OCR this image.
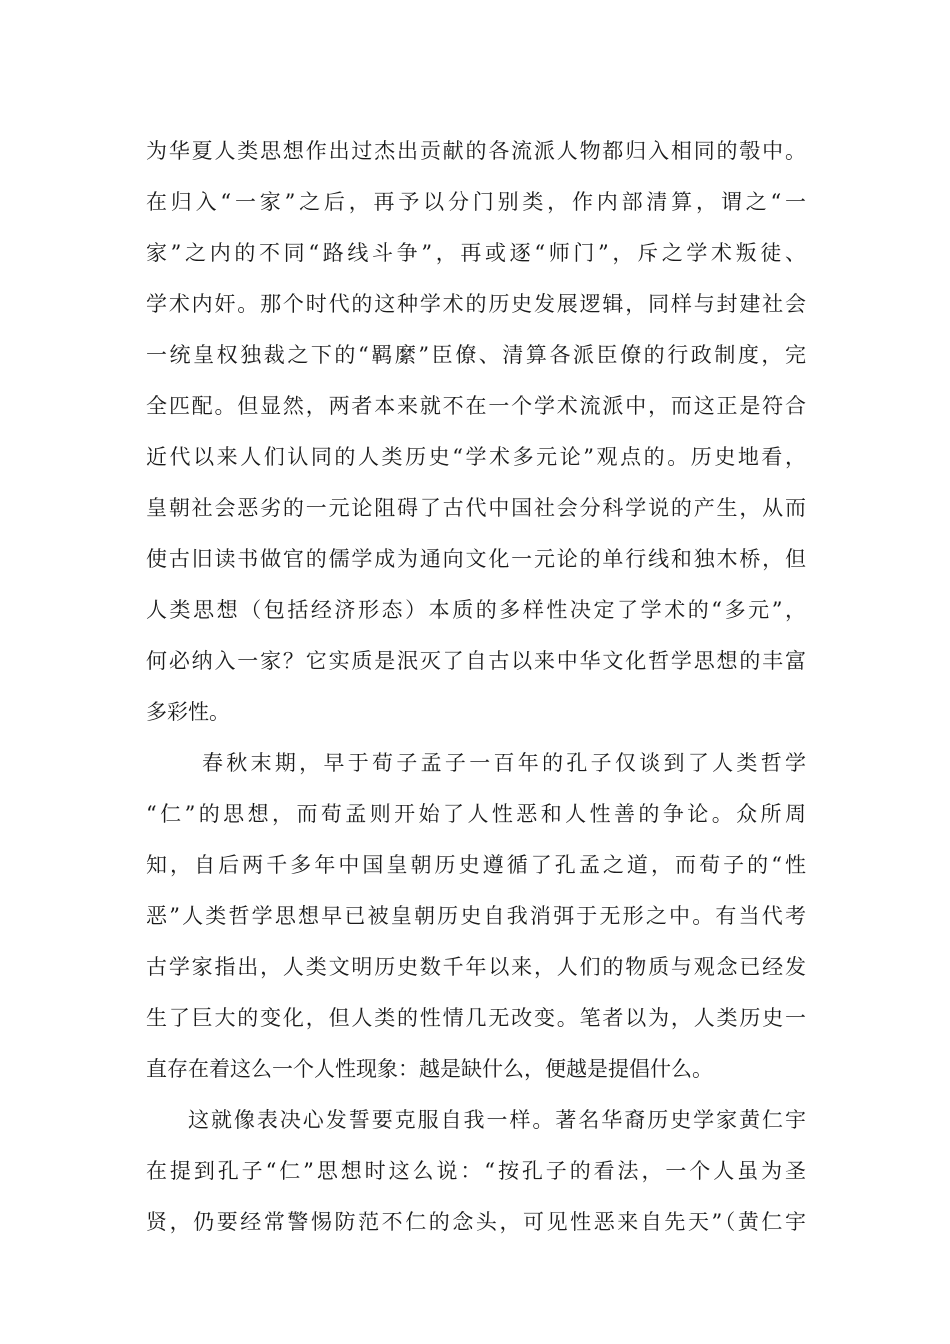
为华夏人类思想作出过杰出贡献的各流派人物都归入相同的彀中。
在归入“一家”之后，再予以分门别类，作内部清算，谓之“一
家”之内的不同“路线斗争”，再或逐“师门”，斥之学术叛徒、
学术内奸。那个时代的这种学术的历史发展逻辑，同样与封建社会
一统皇权独裁之下的“羁縻”臣僚、清算各派臣僚的行政制度，完
全匹配。但显然，两者本来就不在一个学术流派中，而这正是符合
近代以来人们认同的人类历史“学术多元论”观点的。历史地看，
皇朝社会恶劣的一元论阻碍了古代中国社会分科学说的产生，从而
使古旧读书做官的儒学成为通向文化一元论的单行线和独木桥，但
人类思想（包括经济形态）本质的多样性决定了学术的“多元”，
何必纳入一家？它实质是泯灭了自古以来中华文化哲学思想的丰富
多彩性。
春秋末期，早于荀子孟子一百年的孔子仅谈到了人类哲学
“仁”的思想，而荀孟则开始了人性恶和人性善的争论。众所周
知，自后两千多年中国皇朝历史遵循了孔孟之道，而荀子的“性
恶”人类哲学思想早已被皇朝历史自我消弭于无形之中。有当代考
古学家指出，人类文明历史数千年以来，人们的物质与观念已经发
生了巨大的变化，但人类的性情几无改变。笔者以为，人类历史一
直存在着这么一个人性现象：越是缺什么，便越是提倡什么。
这就像表决心发誓要克服自我一样。著名华裔历史学家黄仁宇
在提到孔子“仁”思想时这么说：“按孔子的看法，一个人虽为圣
贤，仍要经常警惕防范不仁的念头，可见性恶来自先天”（黄仁宇
